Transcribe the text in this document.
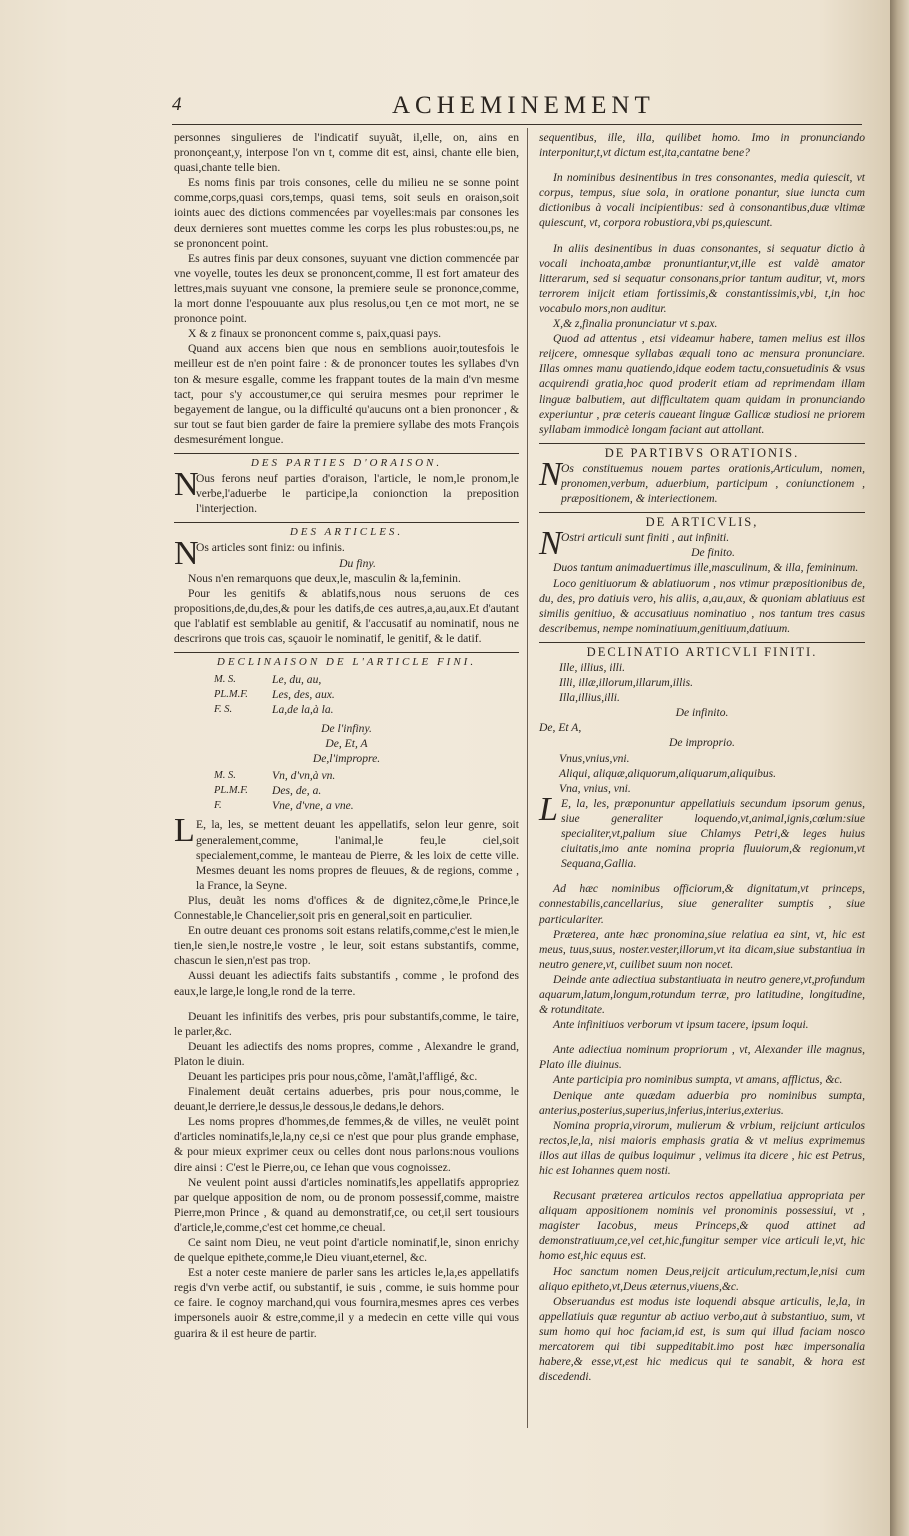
4	ACHEMINEMENT

personnes singulieres de l'indicatif suyuãt, il,elle, on, ains en prononçeant,y, interpose l'on vn t, comme dit est, ainsi, chante elle bien, quasi,chante telle bien.

Es noms finis par trois consones, celle du milieu ne se sonne point comme,corps,quasi cors,temps, quasi tems, soit seuls en oraison,soit ioints auec des dictions commencées par voyelles:mais par consones les deux dernieres sont muettes comme les corps les plus robustes:ou,ps, ne se prononcent point.

Es autres finis par deux consones, suyuant vne diction commencée par vne voyelle, toutes les deux se prononcent,comme, Il est fort amateur des lettres,mais suyuant vne consone, la premiere seule se prononce,comme, la mort donne l'espouuante aux plus resolus,ou t,en ce mot mort, ne se prononce point.

X & z finaux se prononcent comme s, paix,quasi pays.

Quand aux accens bien que nous en semblions auoir,toutesfois le meilleur est de n'en point faire : & de prononcer toutes les syllabes d'vn ton & mesure esgalle, comme les frappant toutes de la main d'vn mesme tact, pour s'y accoustumer,ce qui seruira mesmes pour reprimer le begayement de langue, ou la difficulté qu'aucuns ont a bien prononcer , & sur tout se faut bien garder de faire la premiere syllabe des mots François desmesurément longue.

DES PARTIES D'ORAISON.
N
Ous ferons neuf parties d'oraison, l'article, le nom,le pronom,le verbe,l'aduerbe le participe,la conionction la preposition l'interjection.
DES ARTICLES.
N
Os articles sont finiz: ou infinis.
Du finy.

Nous n'en remarquons que deux,le, masculin & la,feminin.

Pour les genitifs & ablatifs,nous nous seruons de ces propositions,de,du,des,& pour les datifs,de ces autres,a,au,aux.Et d'autant que l'ablatif est semblable au genitif, & l'accusatif au nominatif, nous ne descrirons que trois cas, sçauoir le nominatif, le genitif, & le datif.

DECLINAISON DE L'ARTICLE FINI.
M. S.	Le, du, au,
PL.M.F.	Les, des, aux.
F. S.	La,de la,à la.
De l'infiny.
De, Et, A
De,l'impropre.
M. S.	Vn, d'vn,à vn.
PL.M.F.	Des, de, a.
F.	Vne, d'vne, a vne.
L E, la, les, se mettent deuant les appellatifs, selon leur genre, soit generalement,comme, l'animal,le feu,le ciel,soit specialement,comme, le manteau de Pierre, & les loix de cette ville. Mesmes deuant les noms propres de fleuues, & de regions, comme , la France, la Seyne.

Plus, deuãt les noms d'offices & de dignitez,cõme,le Prince,le Connestable,le Chancelier,soit pris en general,soit en particulier.

En outre deuant ces pronoms soit estans relatifs,comme,c'est le mien,le tien,le sien,le nostre,le vostre , le leur, soit estans substantifs, comme, chascun le sien,n'est pas trop.

Aussi deuant les adiectifs faits substantifs , comme , le profond des eaux,le large,le long,le rond de la terre.

Deuant les infinitifs des verbes, pris pour substantifs,comme, le taire, le parler,&c.

Deuant les adiectifs des noms propres, comme , Alexandre le grand, Platon le diuin.

Deuant les participes pris pour nous,cõme, l'amãt,l'affligé, &c.

Finalement deuãt certains aduerbes, pris pour nous,comme, le deuant,le derriere,le dessus,le dessous,le dedans,le dehors.

Les noms propres d'hommes,de femmes,& de villes, ne veulēt point d'articles nominatifs,le,la,ny ce,si ce n'est que pour plus grande emphase, & pour mieux exprimer ceux ou celles dont nous parlons:nous voulions dire ainsi : C'est le Pierre,ou, ce Iehan que vous cognoissez.

Ne veulent point aussi d'articles nominatifs,les appellatifs appropriez par quelque apposition de nom, ou de pronom possessif,comme, maistre Pierre,mon Prince , & quand au demonstratif,ce, ou cet,il sert tousiours d'article,le,comme,c'est cet homme,ce cheual.

Ce saint nom Dieu, ne veut point d'article nominatif,le, sinon enrichy de quelque epithete,comme,le Dieu viuant,eternel, &c.

Est a noter ceste maniere de parler sans les articles le,la,es appellatifs regis d'vn verbe actif, ou substantif, ie suis , comme, ie suis homme pour ce faire. Ie cognoy marchand,qui vous fournira,mesmes apres ces verbes impersonels auoir & estre,comme,il y a medecin en cette ville qui vous guarira & il est heure de partir.

sequentibus, ille, illa, quilibet homo. Imo in pronunciando interponitur,t,vt dictum est,ita,cantatne bene?

In nominibus desinentibus in tres consonantes, media quiescit, vt corpus, tempus, siue sola, in oratione ponantur, siue iuncta cum dictionibus à vocali incipientibus: sed à consonantibus,duæ vltimæ quiescunt, vt, corpora robustiora,vbi ps,quiescunt.

In aliis desinentibus in duas consonantes, si sequatur dictio à vocali inchoata,ambæ pronuntiantur,vt,ille est valdè amator litterarum, sed si sequatur consonans,prior tantum auditur, vt, mors terrorem inijcit etiam fortissimis,& constantissimis,vbi, t,in hoc vocabulo mors,non auditur.

X,& z,finalia pronunciatur vt s.pax.

Quod ad attentus , etsi videamur habere, tamen melius est illos reijcere, omnesque syllabas æquali tono ac mensura pronunciare. Illas omnes manu quatiendo,idque eodem tactu,consuetudinis & vsus acquirendi gratia,hoc quod proderit etiam ad reprimendam illam linguæ balbutiem, aut difficultatem quam quidam in pronunciando experiuntur , præ ceteris caueant linguæ Gallicæ studiosi ne priorem syllabam immodicè longam faciant aut attollant.

DE PARTIBVS ORATIONIS.
N Os constituemus nouem partes orationis,Articulum, nomen, pronomen,verbum, aduerbium, participum , coniunctionem , præpositionem, & interiectionem.
DE ARTICVLIS,
N Ostri articuli sunt finiti , aut infiniti.
De finito.

Duos tantum animaduertimus ille,masculinum, & illa, femininum.

Loco genitiuorum & ablatiuorum , nos vtimur præpositionibus de, du, des, pro datiuis vero, his aliis, a,au,aux, & quoniam ablatiuus est similis genitiuo, & accusatiuus nominatiuo , nos tantum tres casus describemus, nempe nominatiuum,genitiuum,datiuum.

DECLINATIO ARTICVLI FINITI.
Ille, illius, illi.
Illi, illæ,illorum,illarum,illis.
Illa,illius,illi.
De infinito.
De, Et A,
De improprio.
Vnus,vnius,vni.
Aliqui, aliquæ,aliquorum,aliquarum,aliquibus.
Vna, vnius, vni.
L E, la, les, præponuntur appellatiuis secundum ipsorum genus, siue generaliter loquendo,vt,animal,ignis,cœlum:siue specialiter,vt,palium siue Chlamys Petri,& leges huius ciuitatis,imo ante nomina propria fluuiorum,& regionum,vt Sequana,Gallia.

Ad hæc nominibus officiorum,& dignitatum,vt princeps, connestabilis,cancellarius, siue generaliter sumptis , siue particulariter.

Præterea, ante hæc pronomina,siue relatiua ea sint, vt, hic est meus, tuus,suus, noster.vester,illorum,vt ita dicam,siue substantiua in neutro genere,vt, cuilibet suum non nocet.

Deinde ante adiectiua substantiuata in neutro genere,vt,profundum aquarum,latum,longum,rotundum terræ, pro latitudine, longitudine, & rotunditate.

Ante infinitiuos verborum vt ipsum tacere, ipsum loqui.

Ante adiectiua nominum propriorum , vt, Alexander ille magnus, Plato ille diuinus.

Ante participia pro nominibus sumpta, vt amans, afflictus, &c.

Denique ante quædam aduerbia pro nominibus sumpta, anterius,posterius,superius,inferius,interius,exterius.

Nomina propria,virorum, mulierum & vrbium, reijciunt articulos rectos,le,la, nisi maioris emphasis gratia & vt melius exprimemus illos aut illas de quibus loquimur , velimus ita dicere , hic est Petrus, hic est Iohannes quem nosti.

Recusant præterea articulos rectos appellatiua appropriata per aliquam appositionem nominis vel pronominis possessiui, vt , magister Iacobus, meus Princeps,& quod attinet ad demonstratiuum,ce,vel cet,hic,fungitur semper vice articuli le,vt, hic homo est,hic equus est.

Hoc sanctum nomen Deus,reijcit articulum,rectum,le,nisi cum aliquo epitheto,vt,Deus æternus,viuens,&c.

Obseruandus est modus iste loquendi absque articulis, le,la, in appellatiuis quæ reguntur ab actiuo verbo,aut à substantiuo, sum, vt sum homo qui hoc faciam,id est, is sum qui illud faciam nosco mercatorem qui tibi suppeditabit.imo post hæc impersonalia habere,& esse,vt,est hic medicus qui te sanabit, & hora est discedendi.
